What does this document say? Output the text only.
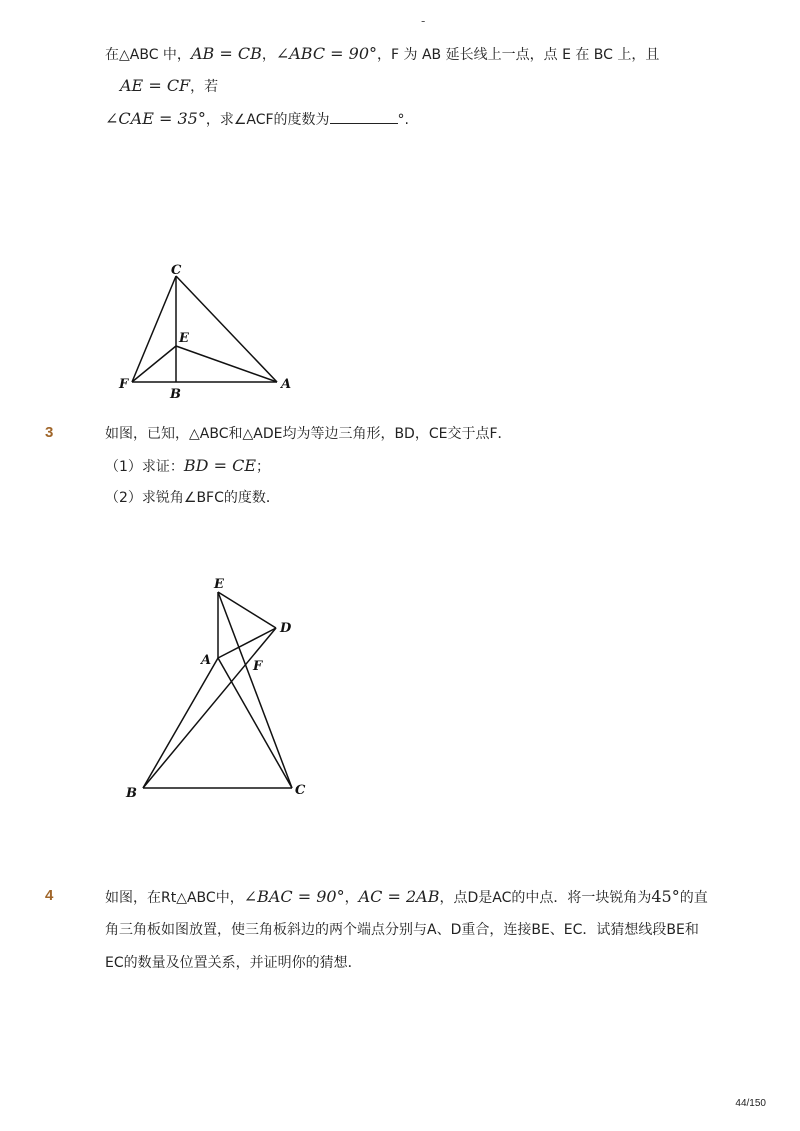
-
在△ABC 中，AB = CB，∠ABC = 90°，F 为 AB 延长线上一点，点 E 在 BC 上，且
AE = CF，若
∠CAE = 35°，求∠ACF的度数为	°.
C
E
F
B
A
3	如图，已知，△ABC和△ADE均为等边三角形，BD，CE交于点F．
（1）求证：BD = CE；
（2）求锐角∠BFC的度数．
E
D
A	F
B	C
4	如图，在Rt△ABC中，∠BAC = 90°，AC = 2AB，点D是AC的中点．将一块锐角为45°的直
角三角板如图放置，使三角板斜边的两个端点分别与A、D重合，连接BE、EC．试猜想线段BE和
EC的数量及位置关系，并证明你的猜想．
44/150
